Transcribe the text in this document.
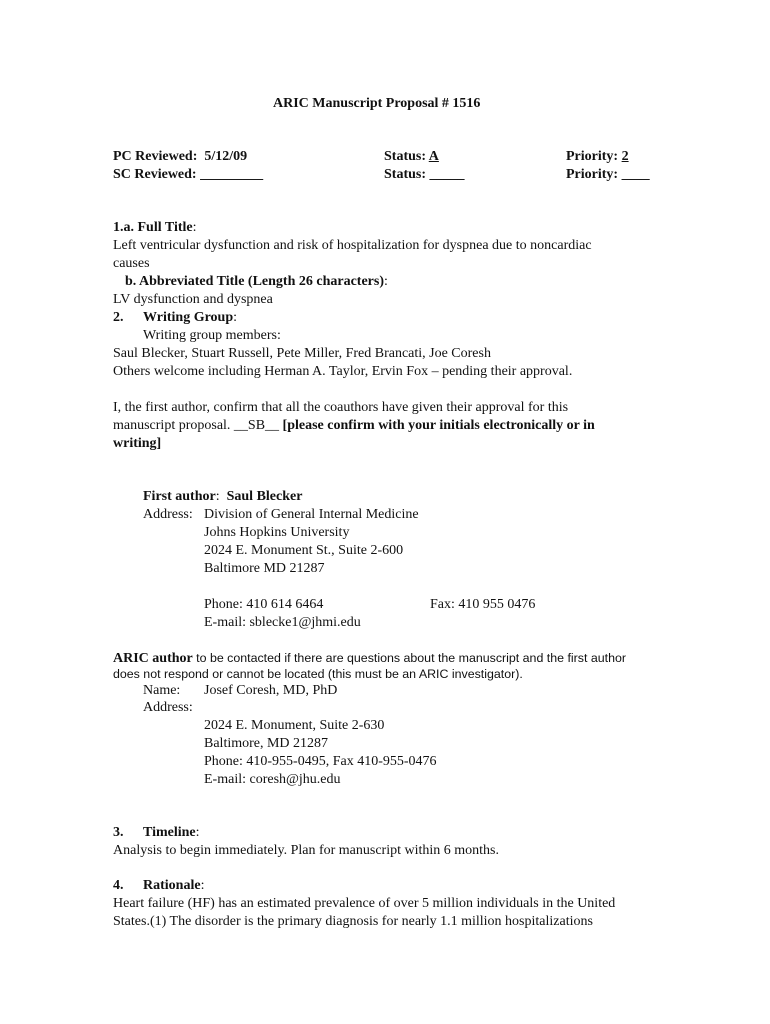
ARIC Manuscript Proposal # 1516
PC Reviewed: 5/12/09
SC Reviewed: _________
Status: A
Status: _____
Priority: 2
Priority: ____
1.a. Full Title:
Left ventricular dysfunction and risk of hospitalization for dyspnea due to noncardiac
causes
b. Abbreviated Title (Length 26 characters):
LV dysfunction and dyspnea
2. Writing Group:
Writing group members:
Saul Blecker, Stuart Russell, Pete Miller, Fred Brancati, Joe Coresh
Others welcome including Herman A. Taylor, Ervin Fox – pending their approval.
I, the first author, confirm that all the coauthors have given their approval for this
manuscript proposal. __SB__ [please confirm with your initials electronically or in
writing]
First author: Saul Blecker
Address: Division of General Internal Medicine
Johns Hopkins University
2024 E. Monument St., Suite 2-600
Baltimore MD 21287
Phone: 410 614 6464	Fax: 410 955 0476
E-mail: sblecke1@jhmi.edu
ARIC author to be contacted if there are questions about the manuscript and the first author
does not respond or cannot be located (this must be an ARIC investigator).
Name: Josef Coresh, MD, PhD
Address:
2024 E. Monument, Suite 2-630
Baltimore, MD 21287
Phone: 410-955-0495, Fax 410-955-0476
E-mail: coresh@jhu.edu
3. Timeline:
Analysis to begin immediately. Plan for manuscript within 6 months.
4. Rationale:
Heart failure (HF) has an estimated prevalence of over 5 million individuals in the United
States.(1) The disorder is the primary diagnosis for nearly 1.1 million hospitalizations
